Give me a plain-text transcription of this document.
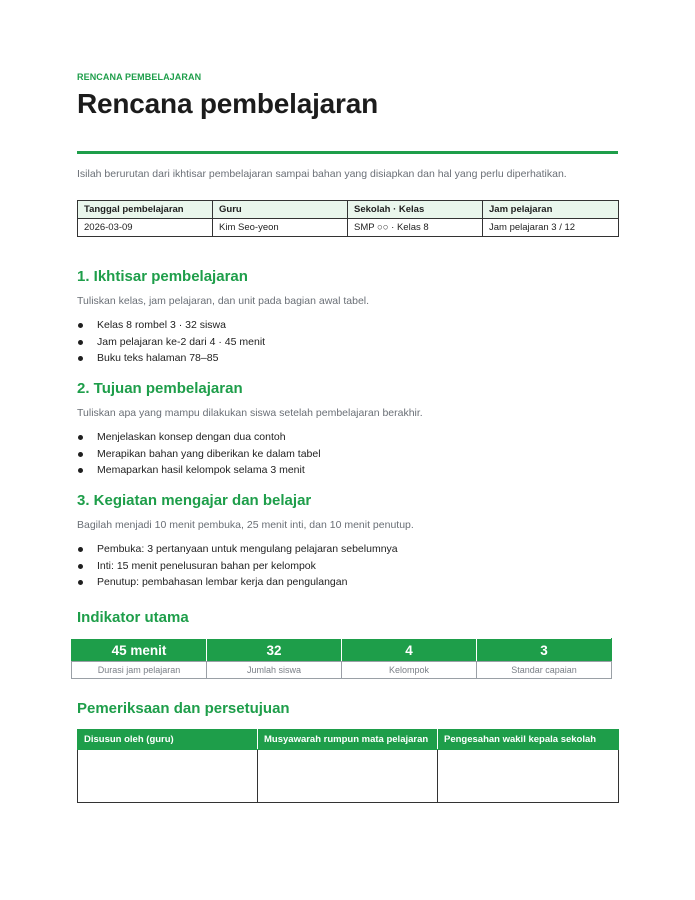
RENCANA PEMBELAJARAN
Rencana pembelajaran
Isilah berurutan dari ikhtisar pembelajaran sampai bahan yang disiapkan dan hal yang perlu diperhatikan.
Tanggal pembelajaran	Guru	Sekolah · Kelas	Jam pelajaran
2026-03-09	Kim Seo-yeon	SMP ○○ · Kelas 8	Jam pelajaran 3 / 12
1. Ikhtisar pembelajaran
Tuliskan kelas, jam pelajaran, dan unit pada bagian awal tabel.
Kelas 8 rombel 3 · 32 siswa
Jam pelajaran ke-2 dari 4 · 45 menit
Buku teks halaman 78–85
2. Tujuan pembelajaran
Tuliskan apa yang mampu dilakukan siswa setelah pembelajaran berakhir.
Menjelaskan konsep dengan dua contoh
Merapikan bahan yang diberikan ke dalam tabel
Memaparkan hasil kelompok selama 3 menit
3. Kegiatan mengajar dan belajar
Bagilah menjadi 10 menit pembuka, 25 menit inti, dan 10 menit penutup.
Pembuka: 3 pertanyaan untuk mengulang pelajaran sebelumnya
Inti: 15 menit penelusuran bahan per kelompok
Penutup: pembahasan lembar kerja dan pengulangan
Indikator utama
45 menit	32	4	3
Durasi jam pelajaran	Jumlah siswa	Kelompok	Standar capaian
Pemeriksaan dan persetujuan
Disusun oleh (guru)	Musyawarah rumpun mata pelajaran	Pengesahan wakil kepala sekolah
